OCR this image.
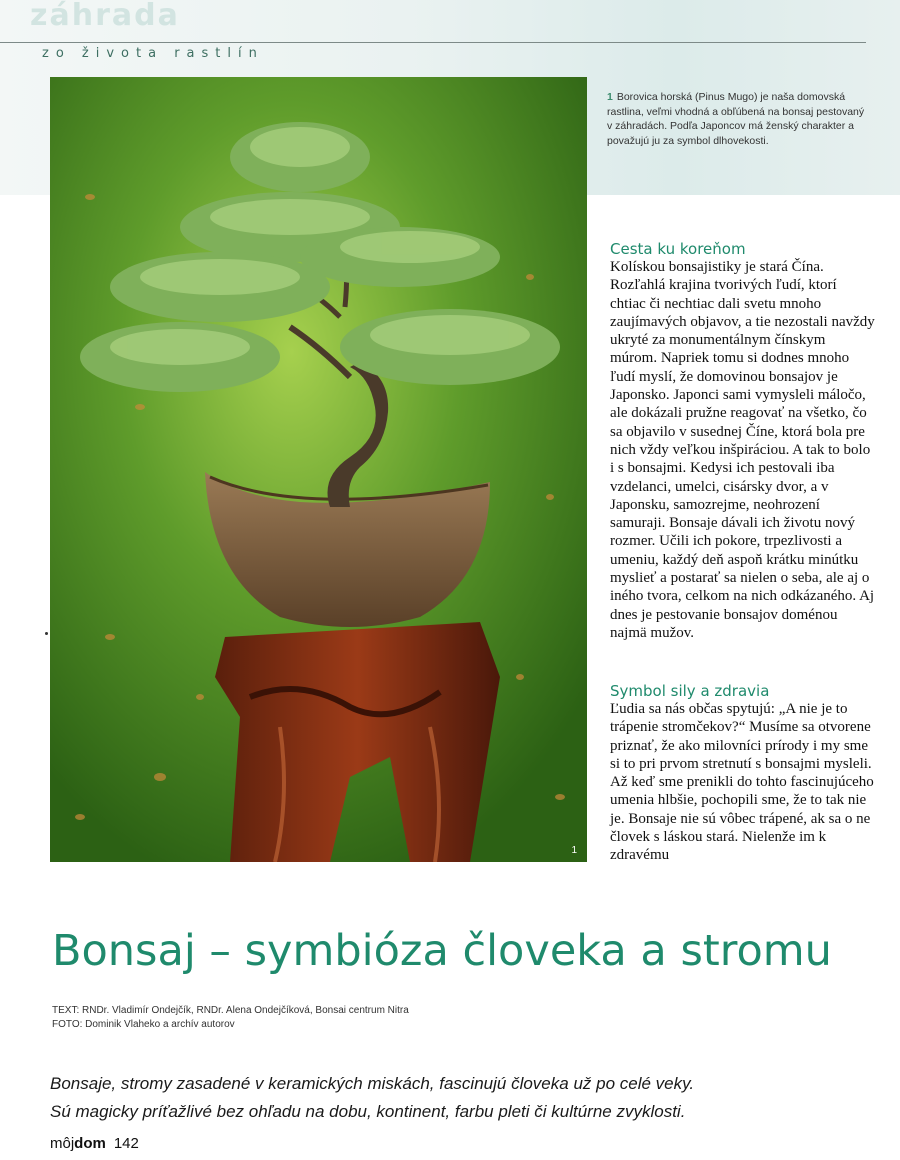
záhrada
zo života rastlín
1
1 Borovica horská (Pinus Mugo) je naša domovská rastlina, veľmi vhodná a obľúbená na bonsaj pestovaný v záhradách. Podľa Japoncov má ženský charakter a považujú ju za symbol dlhovekosti.
Cesta ku koreňom

Kolískou bonsajistiky je stará Čína. Rozľahlá krajina tvorivých ľudí, ktorí chtiac či nechtiac dali svetu mnoho zaujímavých objavov, a tie nezostali navždy ukryté za monumentálnym čínskym múrom. Napriek tomu si dodnes mnoho ľudí myslí, že domovinou bonsajov je Japonsko. Japonci sami vymysleli máločo, ale dokázali pružne reagovať na všetko, čo sa objavilo v susednej Číne, ktorá bola pre nich vždy veľkou inšpiráciou. A tak to bolo i s bonsajmi. Kedysi ich pestovali iba vzdelanci, umelci, cisársky dvor, a v Japonsku, samozrejme, neohrození samuraji. Bonsaje dávali ich životu nový rozmer. Učili ich pokore, trpezlivosti a umeniu, každý deň aspoň krátku minútku myslieť a postarať sa nielen o seba, ale aj o iného tvora, celkom na nich odkázaného. Aj dnes je pestovanie bonsajov doménou najmä mužov.

Symbol sily a zdravia

Ľudia sa nás občas spytujú: „A nie je to trápenie stromčekov?“ Musíme sa otvorene priznať, že ako milovníci prírody i my sme si to pri prvom stretnutí s bonsajmi mysleli. Až keď sme prenikli do tohto fascinujúceho umenia hlbšie, pochopili sme, že to tak nie je. Bonsaje nie sú vôbec trápené, ak sa o ne človek s láskou stará. Nielenže im k zdravému

Bonsaj – symbióza človeka a stromu
TEXT: RNDr. Vladimír Ondejčík, RNDr. Alena Ondejčíková, Bonsai centrum Nitra
FOTO: Dominik Vlaheko a archív autorov
Bonsaje, stromy zasadené v keramických miskách, fascinujú človeka už po celé veky.
Sú magicky príťažlivé bez ohľadu na dobu, kontinent, farbu pleti či kultúrne zvyklosti.
môjdom 142
